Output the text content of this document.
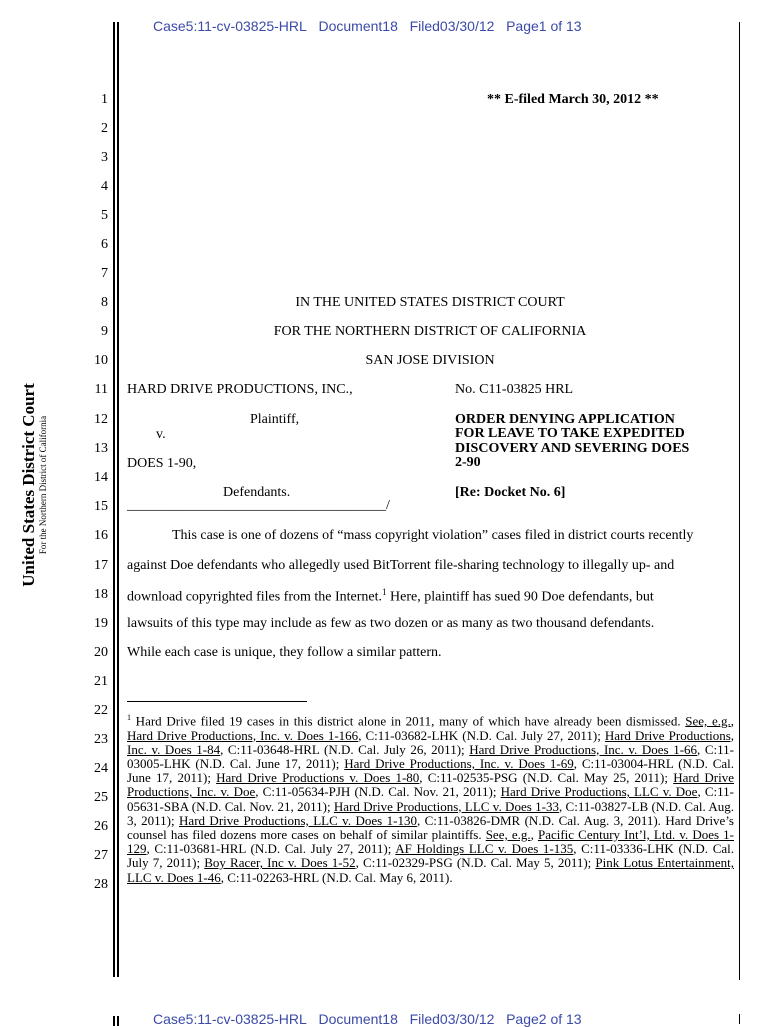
Case5:11-cv-03825-HRL Document18 Filed03/30/12 Page1 of 13
United States District Court For the Northern District of California
1
2
3
4
5
6
7
8
9
10
11
12
13
14
15
16
17
18
19
20
21
22
23
24
25
26
27
28
** E-filed March 30, 2012 **
IN THE UNITED STATES DISTRICT COURT
FOR THE NORTHERN DISTRICT OF CALIFORNIA
SAN JOSE DIVISION
HARD DRIVE PRODUCTIONS, INC.,
Plaintiff,
v.
DOES 1-90,
Defendants.
_____________________________________/
No. C11-03825 HRL
ORDER DENYING APPLICATION
FOR LEAVE TO TAKE EXPEDITED
DISCOVERY AND SEVERING DOES
2-90
[Re: Docket No. 6]
This case is one of dozens of “mass copyright violation” cases filed in district courts recently
against Doe defendants who allegedly used BitTorrent file-sharing technology to illegally up- and
download copyrighted files from the Internet.$^1$ Here, plaintiff has sued 90 Doe defendants, but
lawsuits of this type may include as few as two dozen or as many as two thousand defendants.
While each case is unique, they follow a similar pattern.
$^1$ Hard Drive filed 19 cases in this district alone in 2011, many of which have already been dismissed. See, e.g., Hard Drive Productions, Inc. v. Does 1-166, C:11-03682-LHK (N.D. Cal. July 27, 2011); Hard Drive Productions, Inc. v. Does 1-84, C:11-03648-HRL (N.D. Cal. July 26, 2011); Hard Drive Productions, Inc. v. Does 1-66, C:11-03005-LHK (N.D. Cal. June 17, 2011); Hard Drive Productions, Inc. v. Does 1-69, C:11-03004-HRL (N.D. Cal. June 17, 2011); Hard Drive Productions v. Does 1-80, C:11-02535-PSG (N.D. Cal. May 25, 2011); Hard Drive Productions, Inc. v. Doe, C:11-05634-PJH (N.D. Cal. Nov. 21, 2011); Hard Drive Productions, LLC v. Doe, C:11-05631-SBA (N.D. Cal. Nov. 21, 2011); Hard Drive Productions, LLC v. Does 1-33, C:11-03827-LB (N.D. Cal. Aug. 3, 2011); Hard Drive Productions, LLC v. Does 1-130, C:11-03826-DMR (N.D. Cal. Aug. 3, 2011). Hard Drive’s counsel has filed dozens more cases on behalf of similar plaintiffs. See, e.g., Pacific Century Int’l, Ltd. v. Does 1-129, C:11-03681-HRL (N.D. Cal. July 27, 2011); AF Holdings LLC v. Does 1-135, C:11-03336-LHK (N.D. Cal. July 7, 2011); Boy Racer, Inc v. Does 1-52, C:11-02329-PSG (N.D. Cal. May 5, 2011); Pink Lotus Entertainment, LLC v. Does 1-46, C:11-02263-HRL (N.D. Cal. May 6, 2011).
Case5:11-cv-03825-HRL Document18 Filed03/30/12 Page2 of 13
